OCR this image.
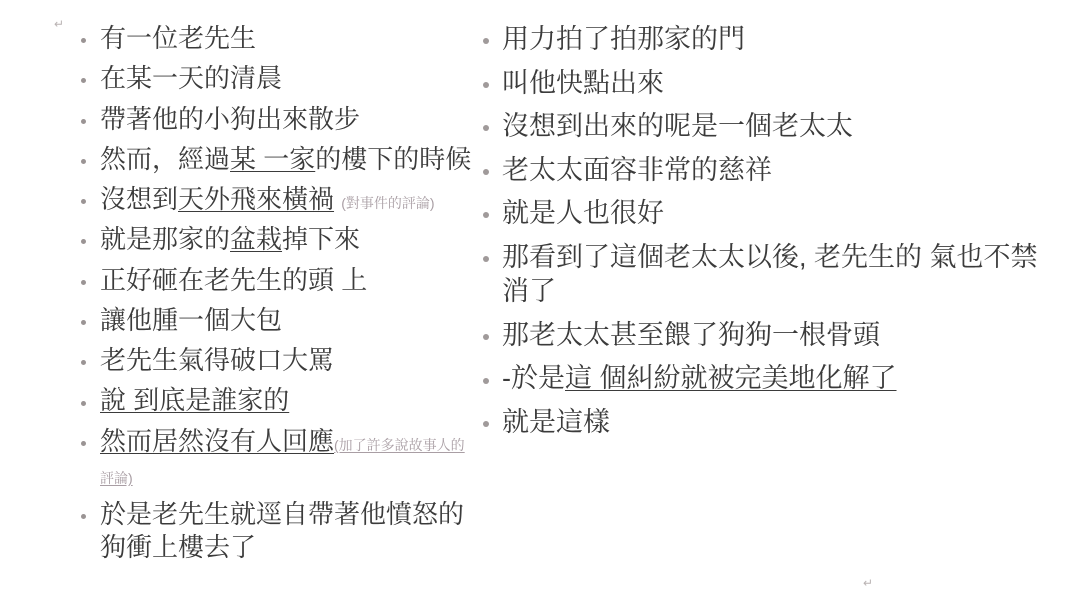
↵
↵
有一位老先生
在某一天的清晨
帶著他的小狗出來散步
然而，經過某 一家的樓下的時候
沒想到天外飛來橫禍 (對事件的評論)
就是那家的盆栽掉下來
正好砸在老先生的頭 上
讓他腫一個大包
老先生氣得破口大罵
說 到底是誰家的
然而居然沒有人回應(加了許多說故事人的評論)
於是老先生就逕自帶著他憤怒的狗衝上樓去了
用力拍了拍那家的門
叫他快點出來
沒想到出來的呢是一個老太太
老太太面容非常的慈祥
就是人也很好
那看到了這個老太太以後, 老先生的 氣也不禁消了
那老太太甚至餵了狗狗一根骨頭
-於是這 個糾紛就被完美地化解了
就是這樣
